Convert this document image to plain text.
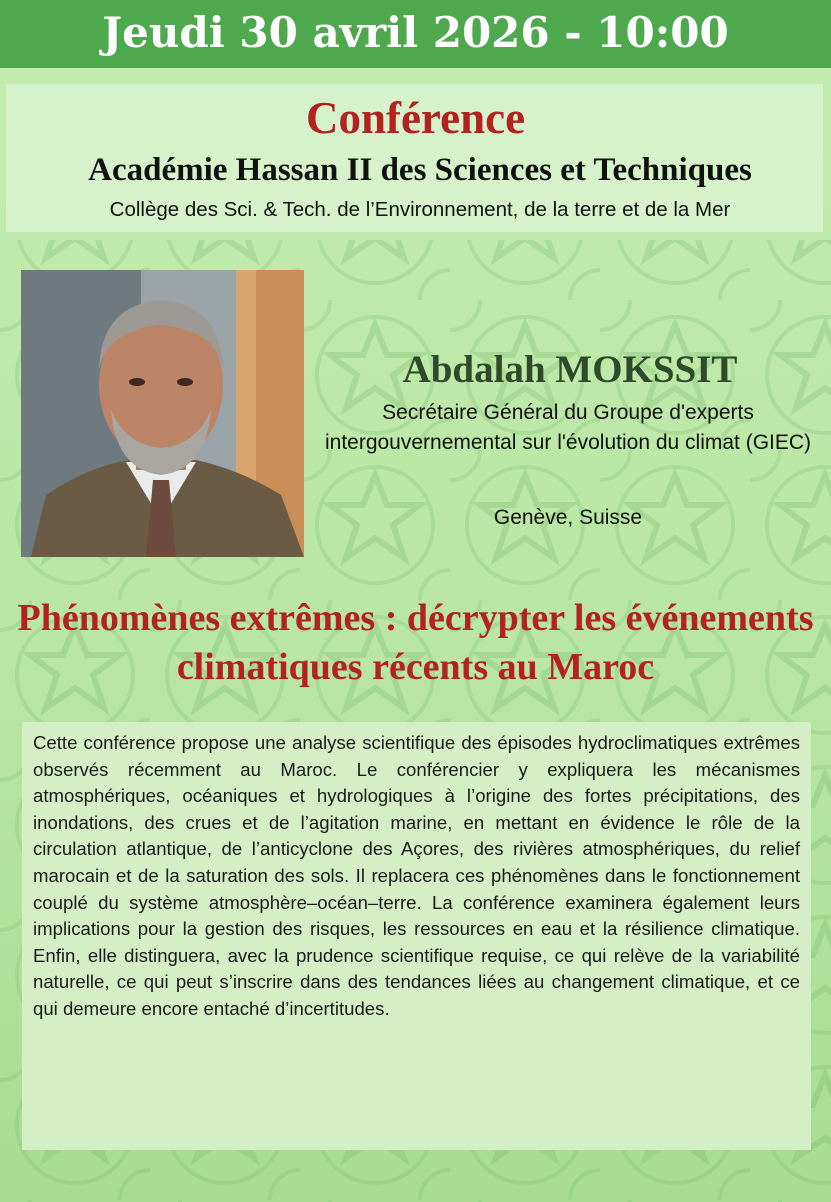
Jeudi 30 avril 2026 - 10:00
Conférence
Académie Hassan II des Sciences et Techniques
Collège des Sci. & Tech. de l’Environnement, de la terre et de la Mer
Abdalah MOKSSIT
Secrétaire Général du Groupe d'experts intergouvernemental sur l'évolution du climat (GIEC)
Genève, Suisse
Phénomènes extrêmes : décrypter les événements climatiques récents au Maroc
Cette conférence propose une analyse scientifique des épisodes hydroclimatiques extrêmes observés récemment au Maroc. Le conférencier y expliquera les mécanismes atmosphériques, océaniques et hydrologiques à l’origine des fortes précipitations, des inondations, des crues et de l’agitation marine, en mettant en évidence le rôle de la circulation atlantique, de l’anticyclone des Açores, des rivières atmosphériques, du relief marocain et de la saturation des sols. Il replacera ces phénomènes dans le fonctionnement couplé du système atmosphère–océan–terre. La conférence examinera également leurs implications pour la gestion des risques, les ressources en eau et la résilience climatique. Enfin, elle distinguera, avec la prudence scientifique requise, ce qui relève de la variabilité naturelle, ce qui peut s’inscrire dans des tendances liées au changement climatique, et ce qui demeure encore entaché d’incertitudes.
